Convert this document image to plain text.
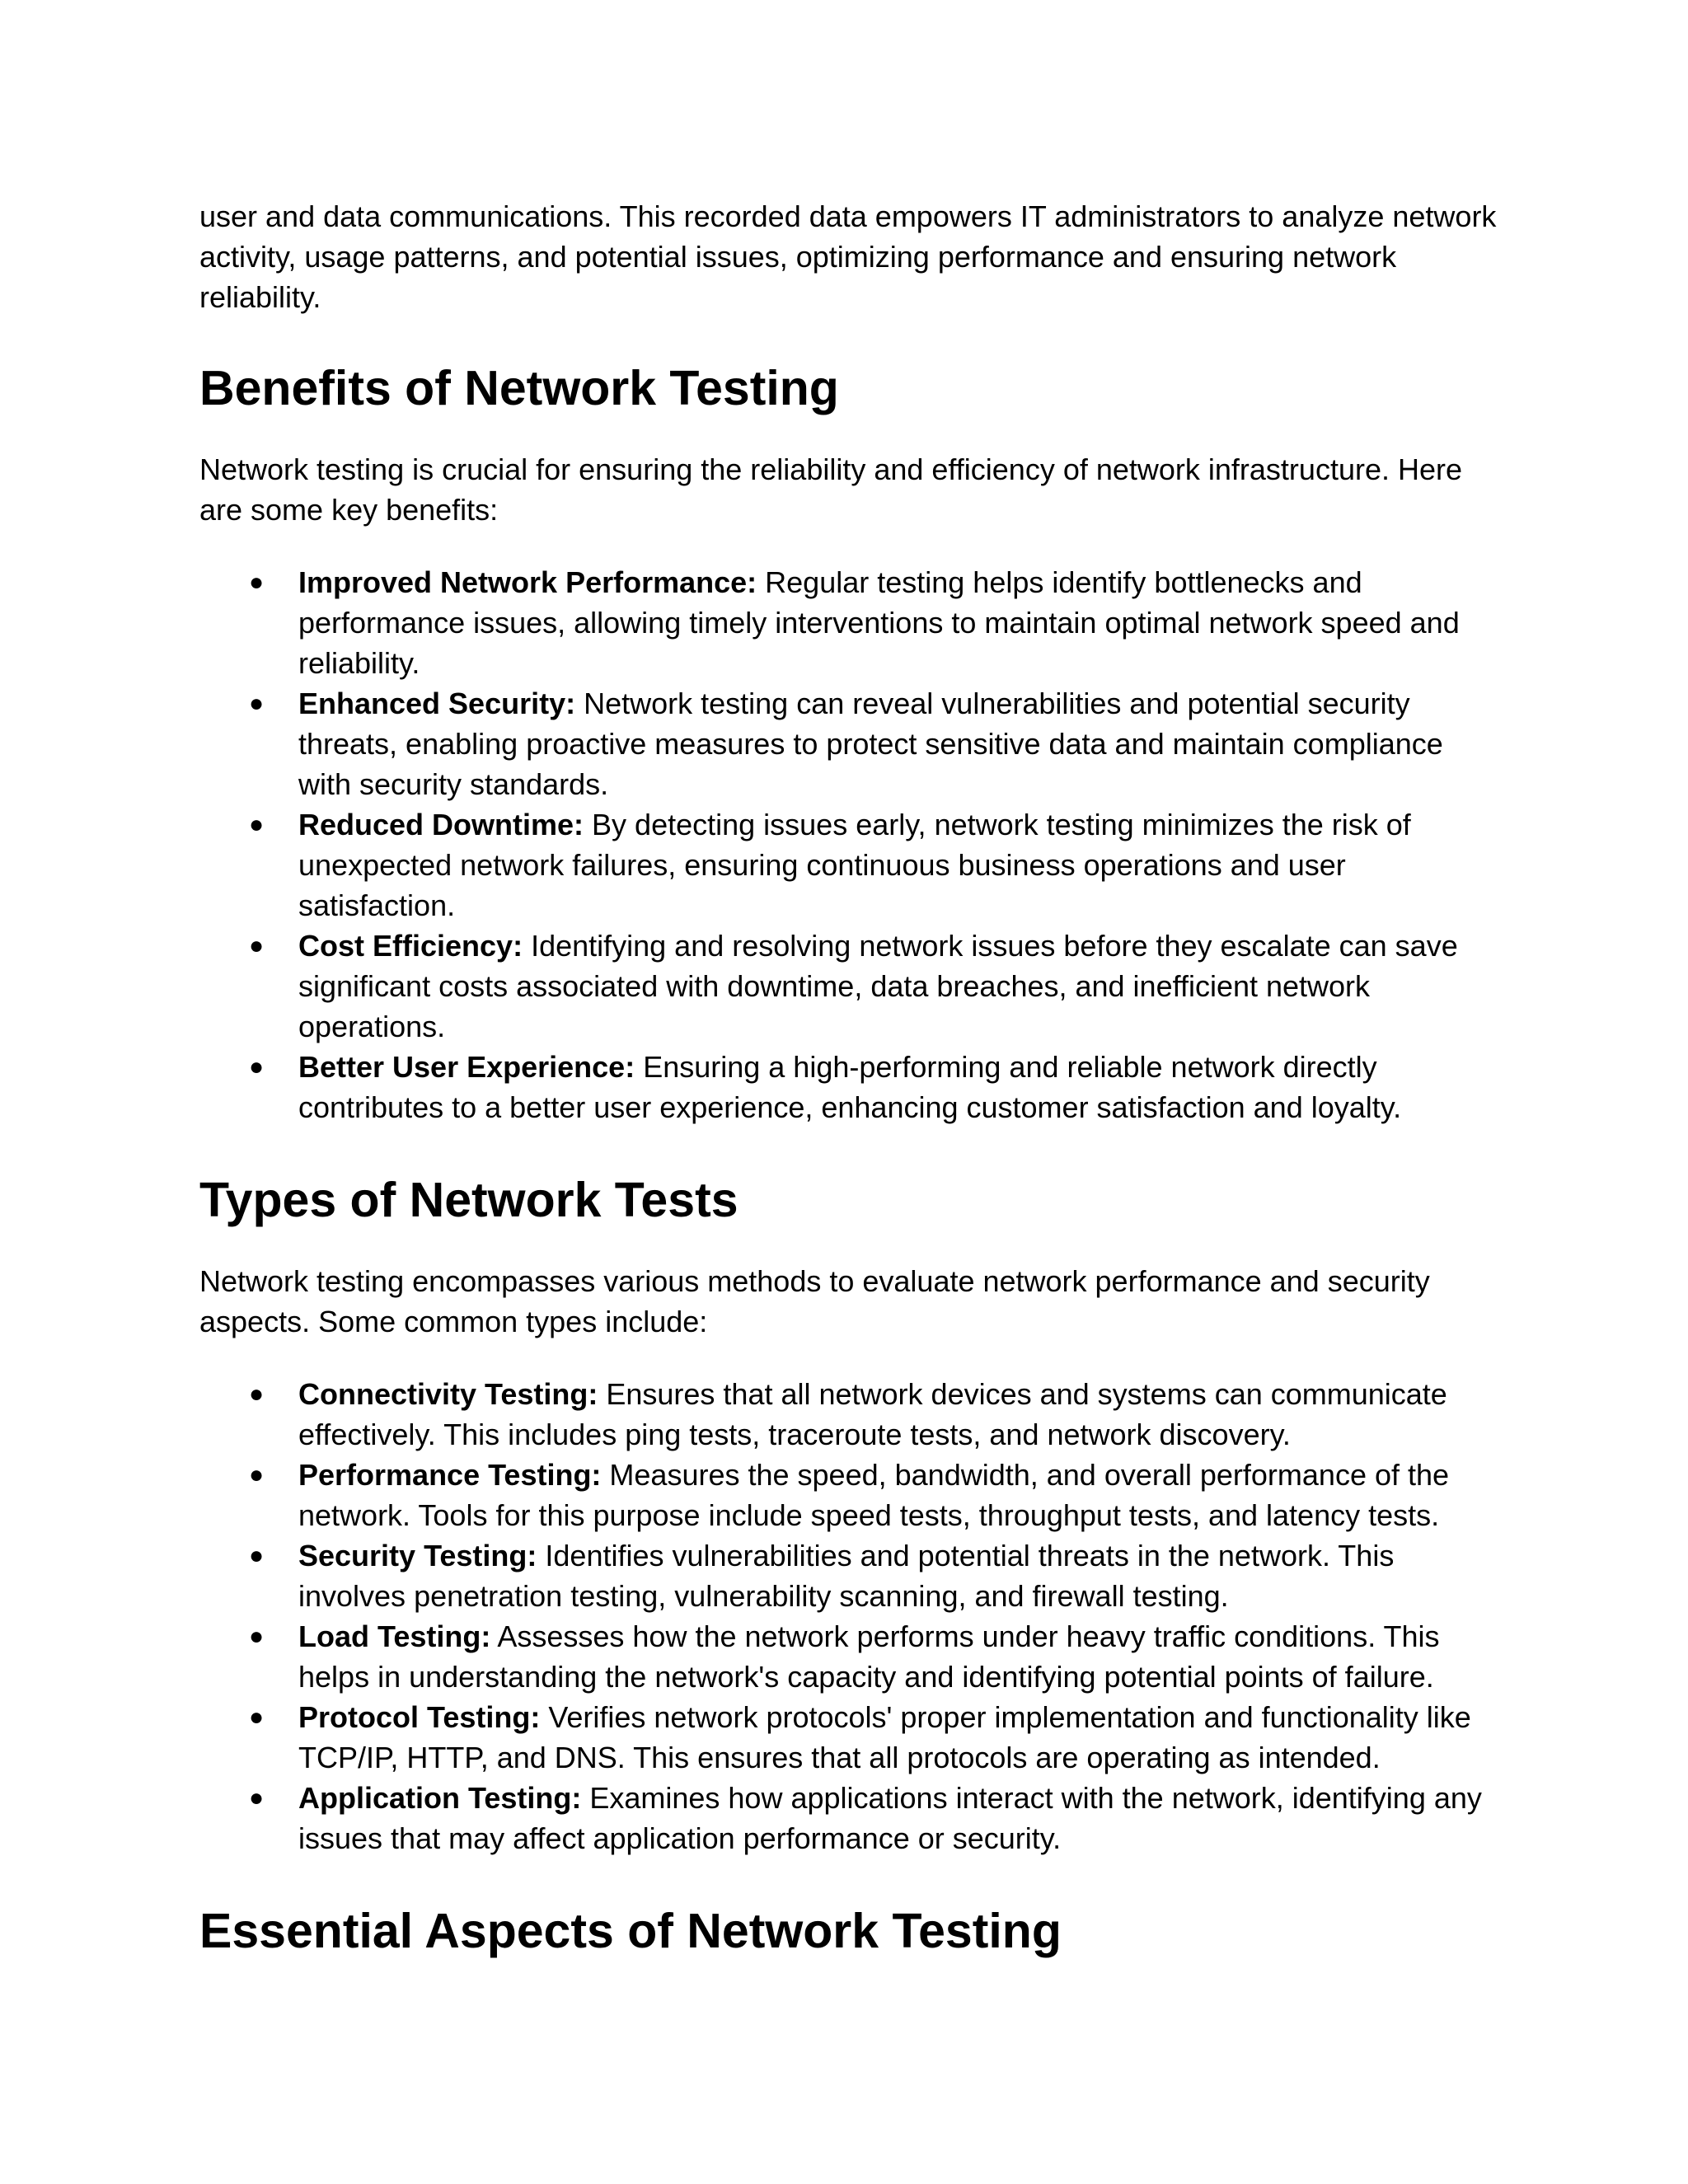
user and data communications. This recorded data empowers IT administrators to analyze network activity, usage patterns, and potential issues, optimizing performance and ensuring network reliability.

Benefits of Network Testing

Network testing is crucial for ensuring the reliability and efficiency of network infrastructure. Here are some key benefits:

● Improved Network Performance: Regular testing helps identify bottlenecks and performance issues, allowing timely interventions to maintain optimal network speed and reliability.
● Enhanced Security: Network testing can reveal vulnerabilities and potential security threats, enabling proactive measures to protect sensitive data and maintain compliance with security standards.
● Reduced Downtime: By detecting issues early, network testing minimizes the risk of unexpected network failures, ensuring continuous business operations and user satisfaction.
● Cost Efficiency: Identifying and resolving network issues before they escalate can save significant costs associated with downtime, data breaches, and inefficient network operations.
● Better User Experience: Ensuring a high-performing and reliable network directly contributes to a better user experience, enhancing customer satisfaction and loyalty.
Types of Network Tests

Network testing encompasses various methods to evaluate network performance and security aspects. Some common types include:

● Connectivity Testing: Ensures that all network devices and systems can communicate effectively. This includes ping tests, traceroute tests, and network discovery.
● Performance Testing: Measures the speed, bandwidth, and overall performance of the network. Tools for this purpose include speed tests, throughput tests, and latency tests.
● Security Testing: Identifies vulnerabilities and potential threats in the network. This involves penetration testing, vulnerability scanning, and firewall testing.
● Load Testing: Assesses how the network performs under heavy traffic conditions. This helps in understanding the network's capacity and identifying potential points of failure.
● Protocol Testing: Verifies network protocols' proper implementation and functionality like TCP/IP, HTTP, and DNS. This ensures that all protocols are operating as intended.
● Application Testing: Examines how applications interact with the network, identifying any issues that may affect application performance or security.
Essential Aspects of Network Testing
